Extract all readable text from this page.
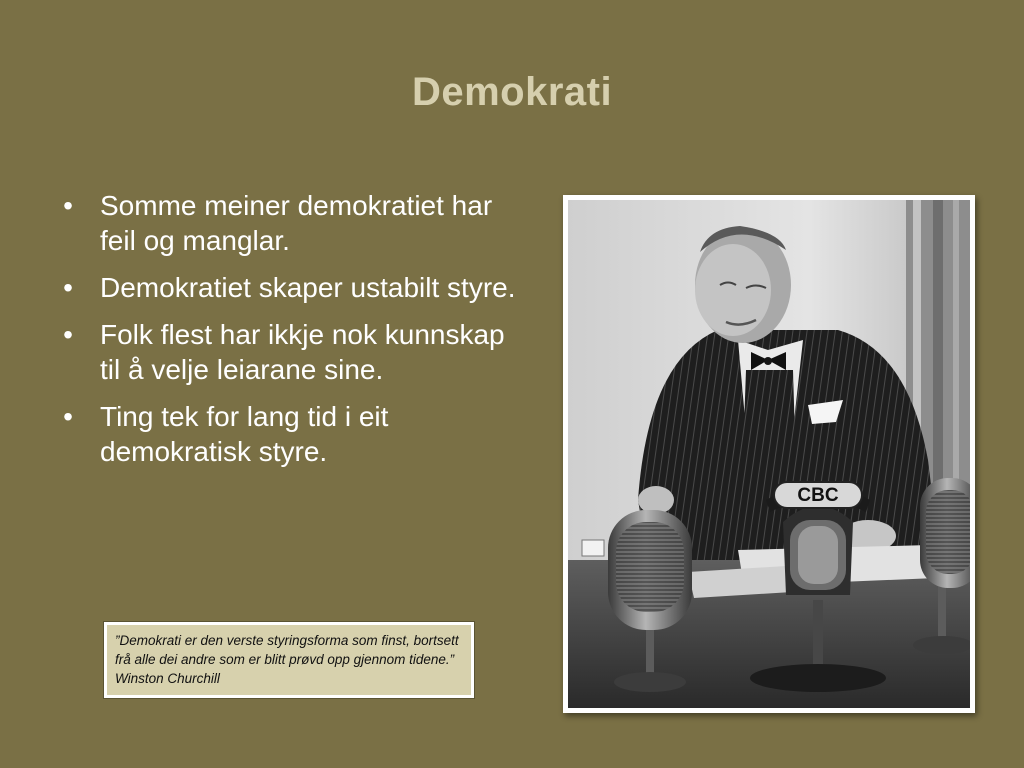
Demokrati
• Somme meiner demokratiet har feil og manglar.
• Demokratiet skaper ustabilt styre.
• Folk flest har ikkje nok kunnskap til å velje leiarane sine.
• Ting tek for lang tid i eit demokratisk styre.
”Demokrati er den verste styringsforma som finst, bortsett frå alle dei andre som er blitt prøvd opp gjennom tidene.” Winston Churchill
CBC
